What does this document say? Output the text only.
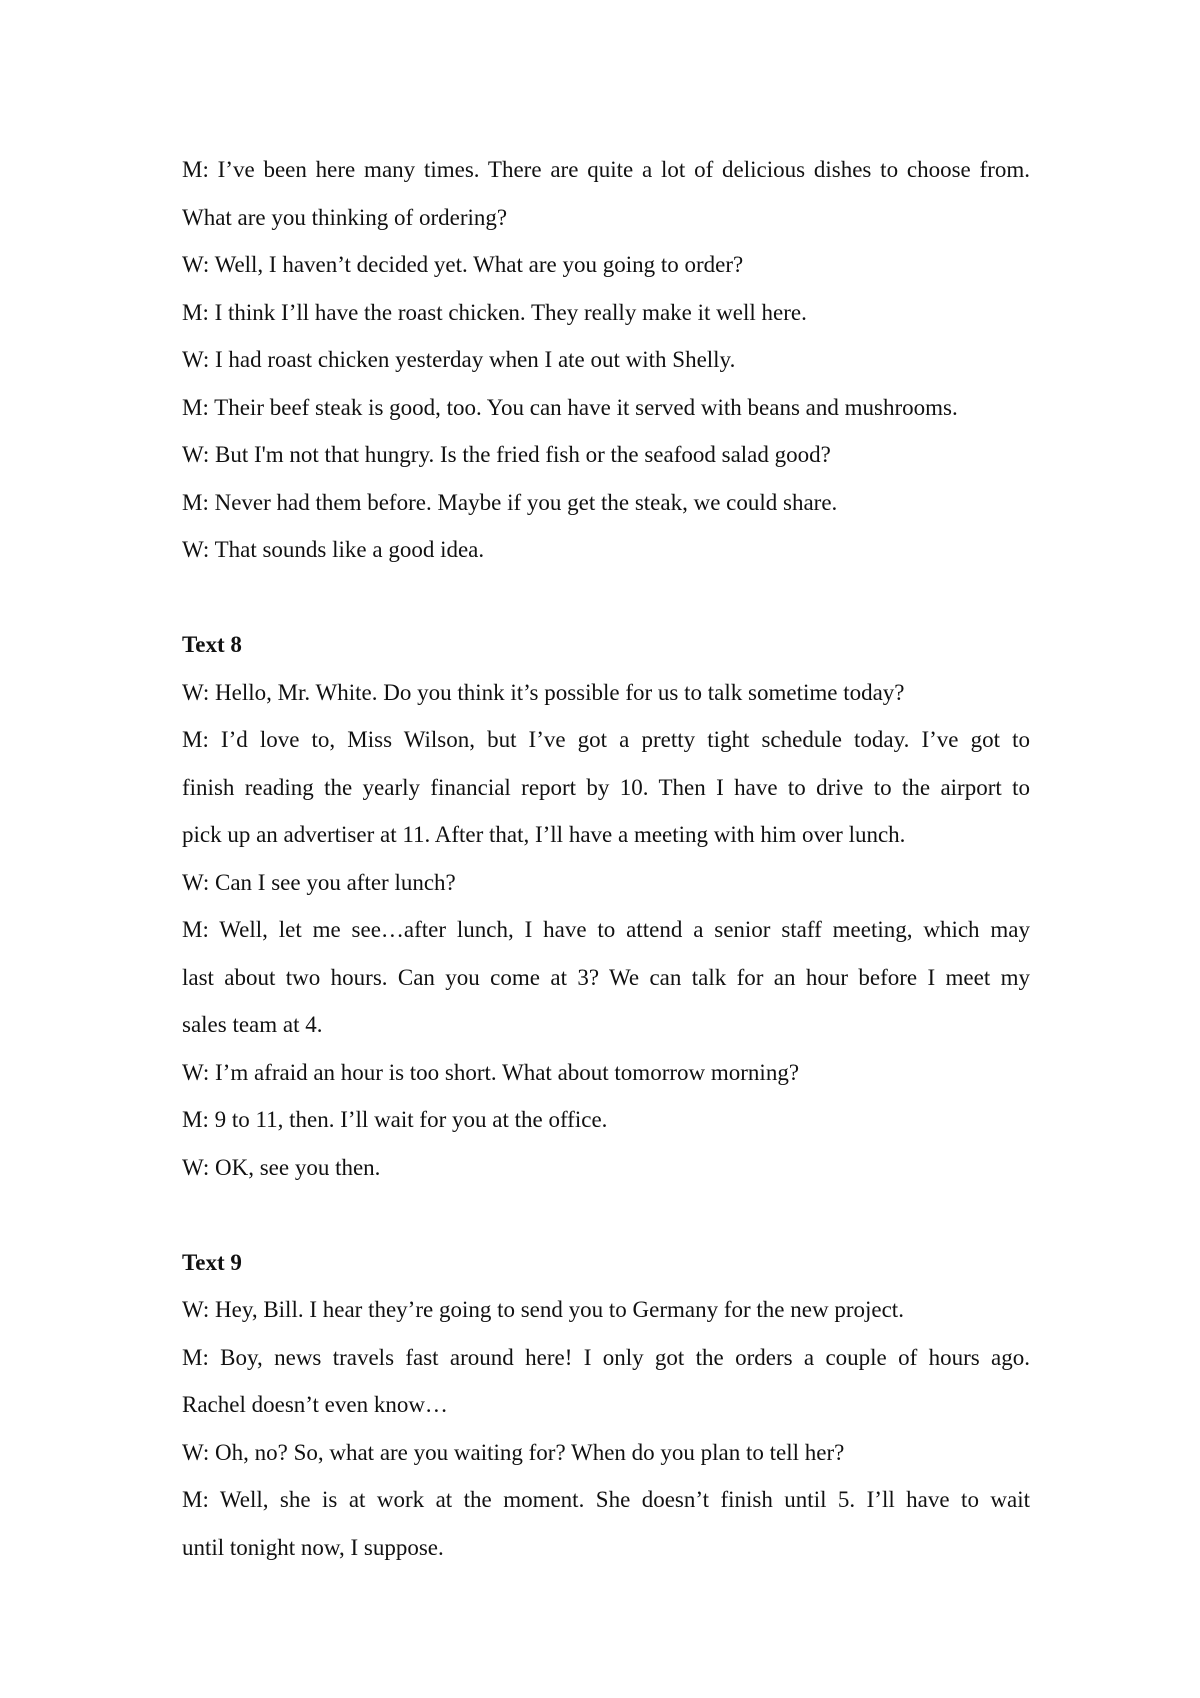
M: I’ve been here many times. There are quite a lot of delicious dishes to choose from.

What are you thinking of ordering?

W: Well, I haven’t decided yet. What are you going to order?

M: I think I’ll have the roast chicken. They really make it well here.

W: I had roast chicken yesterday when I ate out with Shelly.

M: Their beef steak is good, too. You can have it served with beans and mushrooms.

W: But I'm not that hungry. Is the fried fish or the seafood salad good?

M: Never had them before. Maybe if you get the steak, we could share.

W: That sounds like a good idea.

Text 8

W: Hello, Mr. White. Do you think it’s possible for us to talk sometime today?

M: I’d love to, Miss Wilson, but I’ve got a pretty tight schedule today. I’ve got to

finish reading the yearly financial report by 10. Then I have to drive to the airport to

pick up an advertiser at 11. After that, I’ll have a meeting with him over lunch.

W: Can I see you after lunch?

M: Well, let me see…after lunch, I have to attend a senior staff meeting, which may

last about two hours. Can you come at 3? We can talk for an hour before I meet my

sales team at 4.

W: I’m afraid an hour is too short. What about tomorrow morning?

M: 9 to 11, then. I’ll wait for you at the office.

W: OK, see you then.

Text 9

W: Hey, Bill. I hear they’re going to send you to Germany for the new project.

M: Boy, news travels fast around here! I only got the orders a couple of hours ago.

Rachel doesn’t even know…

W: Oh, no? So, what are you waiting for? When do you plan to tell her?

M: Well, she is at work at the moment. She doesn’t finish until 5. I’ll have to wait

until tonight now, I suppose.
